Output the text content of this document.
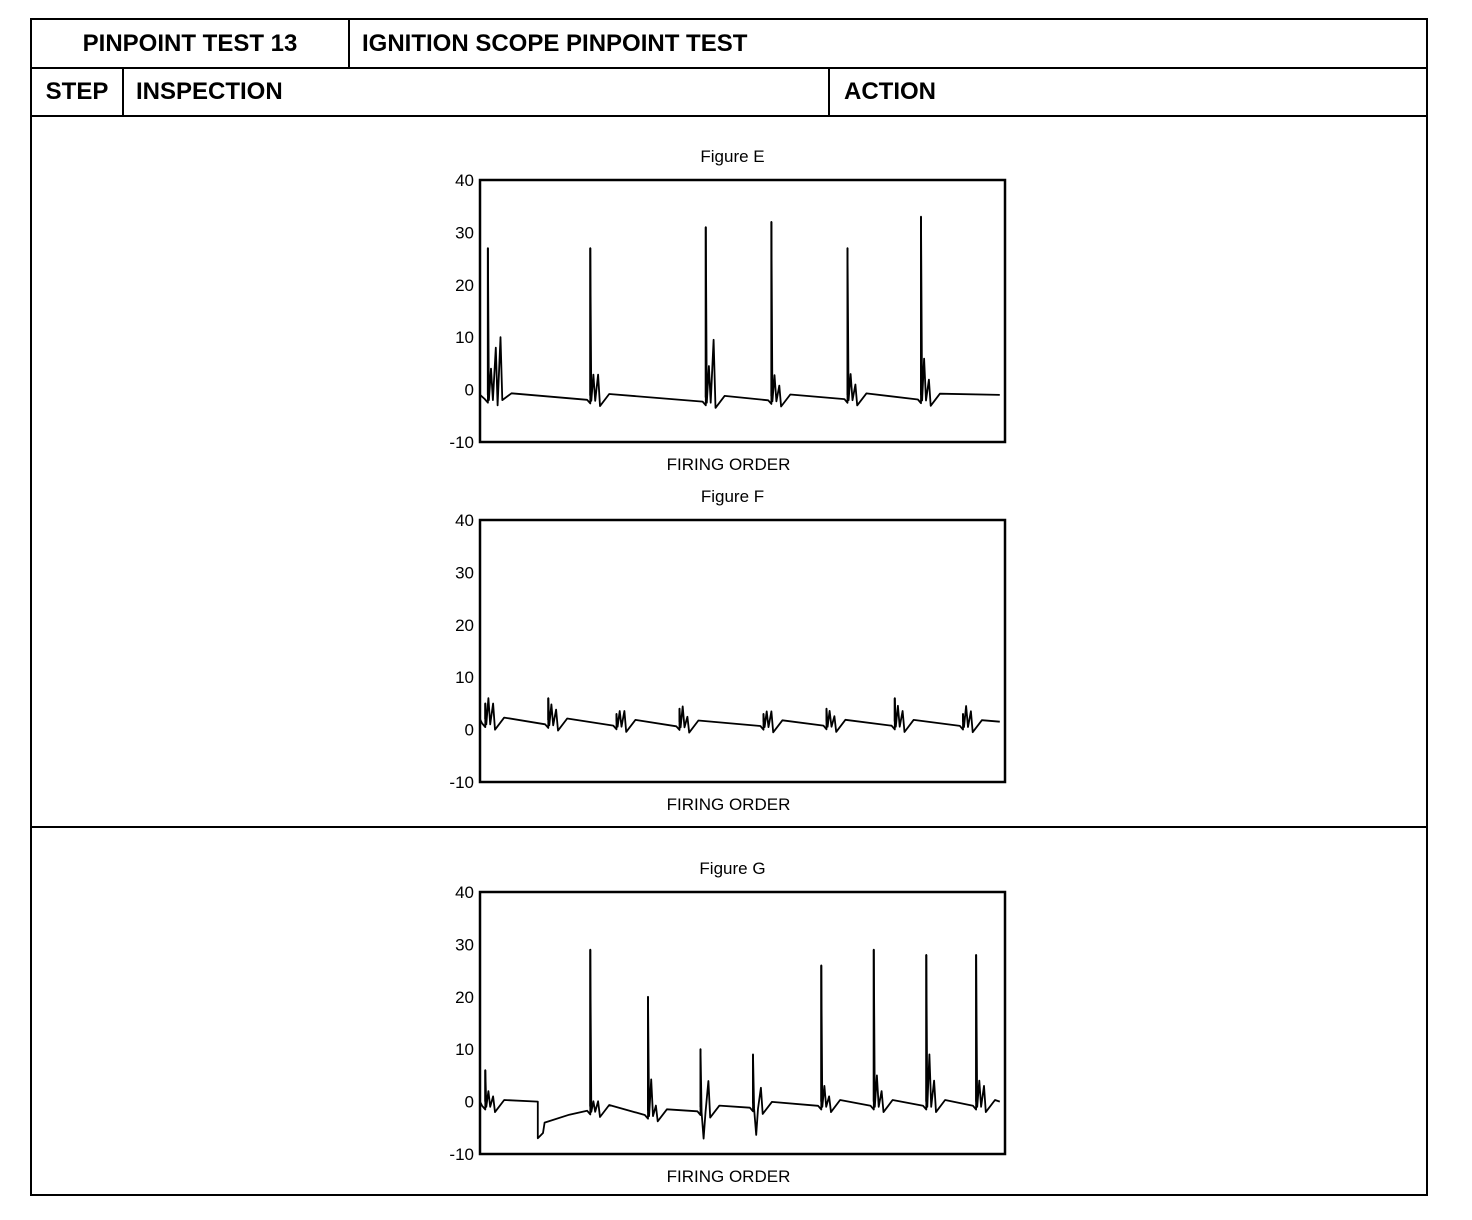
PINPOINT TEST 13	IGNITION SCOPE PINPOINT TEST
STEP	INSPECTION	ACTION
Figure E
40
30
20
10
0
-10
FIRING ORDER
Figure F
40
30
20
10
0
-10
FIRING ORDER
Figure G
40
30
20
10
0
-10
FIRING ORDER
